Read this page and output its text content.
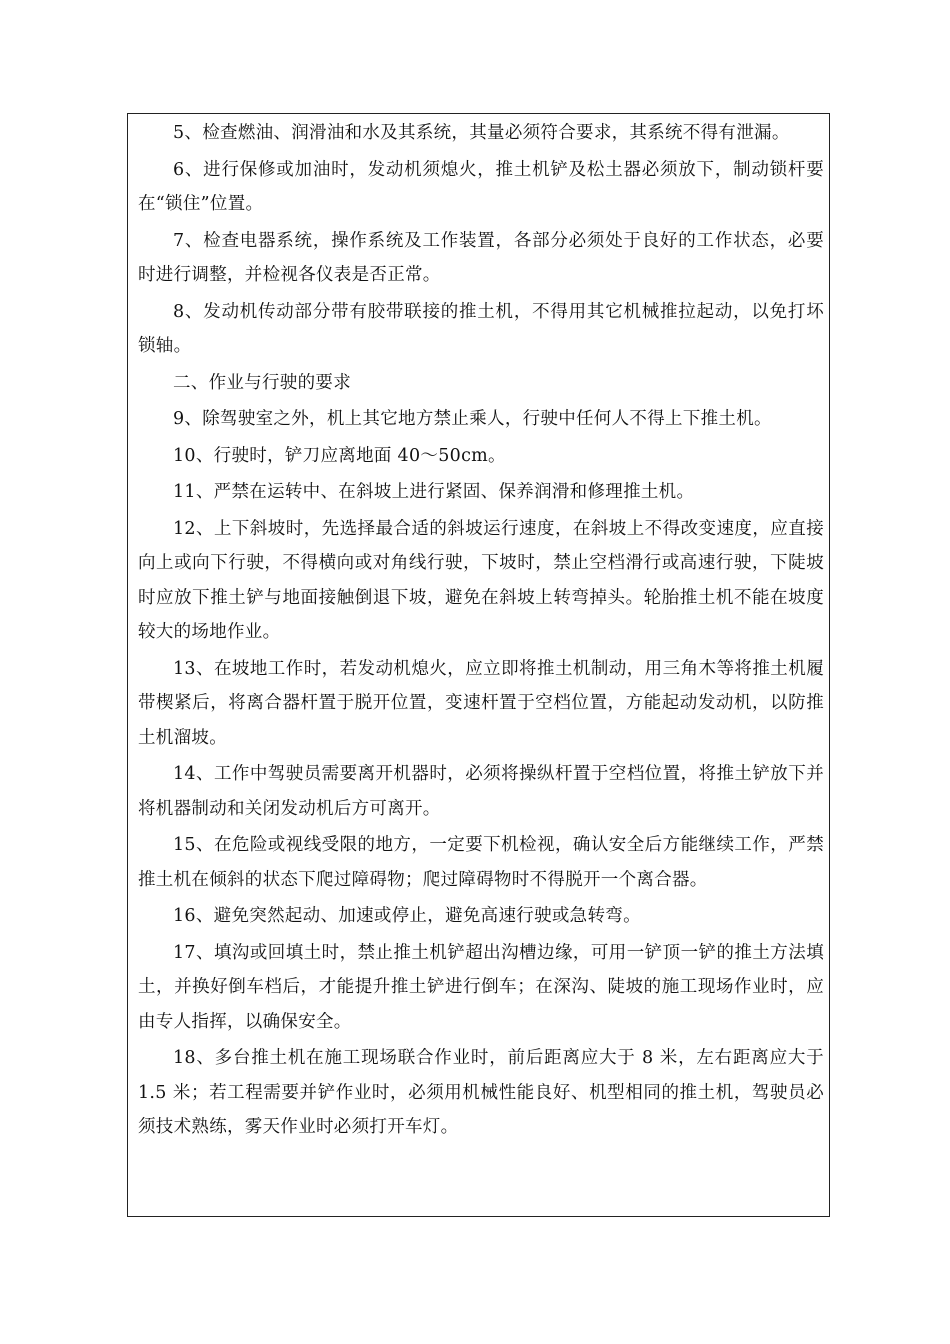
5、检查燃油、润滑油和水及其系统，其量必须符合要求，其系统不得有泄漏。

6、进行保修或加油时，发动机须熄火，推土机铲及松土器必须放下，制动锁杆要在“锁住”位置。

7、检查电器系统，操作系统及工作装置，各部分必须处于良好的工作状态，必要时进行调整，并检视各仪表是否正常。

8、发动机传动部分带有胶带联接的推土机，不得用其它机械推拉起动，以免打坏锁轴。

二、作业与行驶的要求

9、除驾驶室之外，机上其它地方禁止乘人，行驶中任何人不得上下推土机。

10、行驶时，铲刀应离地面 40～50cm。

11、严禁在运转中、在斜坡上进行紧固、保养润滑和修理推土机。

12、上下斜坡时，先选择最合适的斜坡运行速度，在斜坡上不得改变速度，应直接向上或向下行驶，不得横向或对角线行驶，下坡时，禁止空档滑行或高速行驶，下陡坡时应放下推土铲与地面接触倒退下坡，避免在斜坡上转弯掉头。轮胎推土机不能在坡度较大的场地作业。

13、在坡地工作时，若发动机熄火，应立即将推土机制动，用三角木等将推土机履带楔紧后，将离合器杆置于脱开位置，变速杆置于空档位置，方能起动发动机，以防推土机溜坡。

14、工作中驾驶员需要离开机器时，必须将操纵杆置于空档位置，将推土铲放下并将机器制动和关闭发动机后方可离开。

15、在危险或视线受限的地方，一定要下机检视，确认安全后方能继续工作，严禁推土机在倾斜的状态下爬过障碍物；爬过障碍物时不得脱开一个离合器。

16、避免突然起动、加速或停止，避免高速行驶或急转弯。

17、填沟或回填土时，禁止推土机铲超出沟槽边缘，可用一铲顶一铲的推土方法填土，并换好倒车档后，才能提升推土铲进行倒车；在深沟、陡坡的施工现场作业时，应由专人指挥，以确保安全。

18、多台推土机在施工现场联合作业时，前后距离应大于 8 米，左右距离应大于 1.5 米；若工程需要并铲作业时，必须用机械性能良好、机型相同的推土机，驾驶员必须技术熟练，雾天作业时必须打开车灯。
